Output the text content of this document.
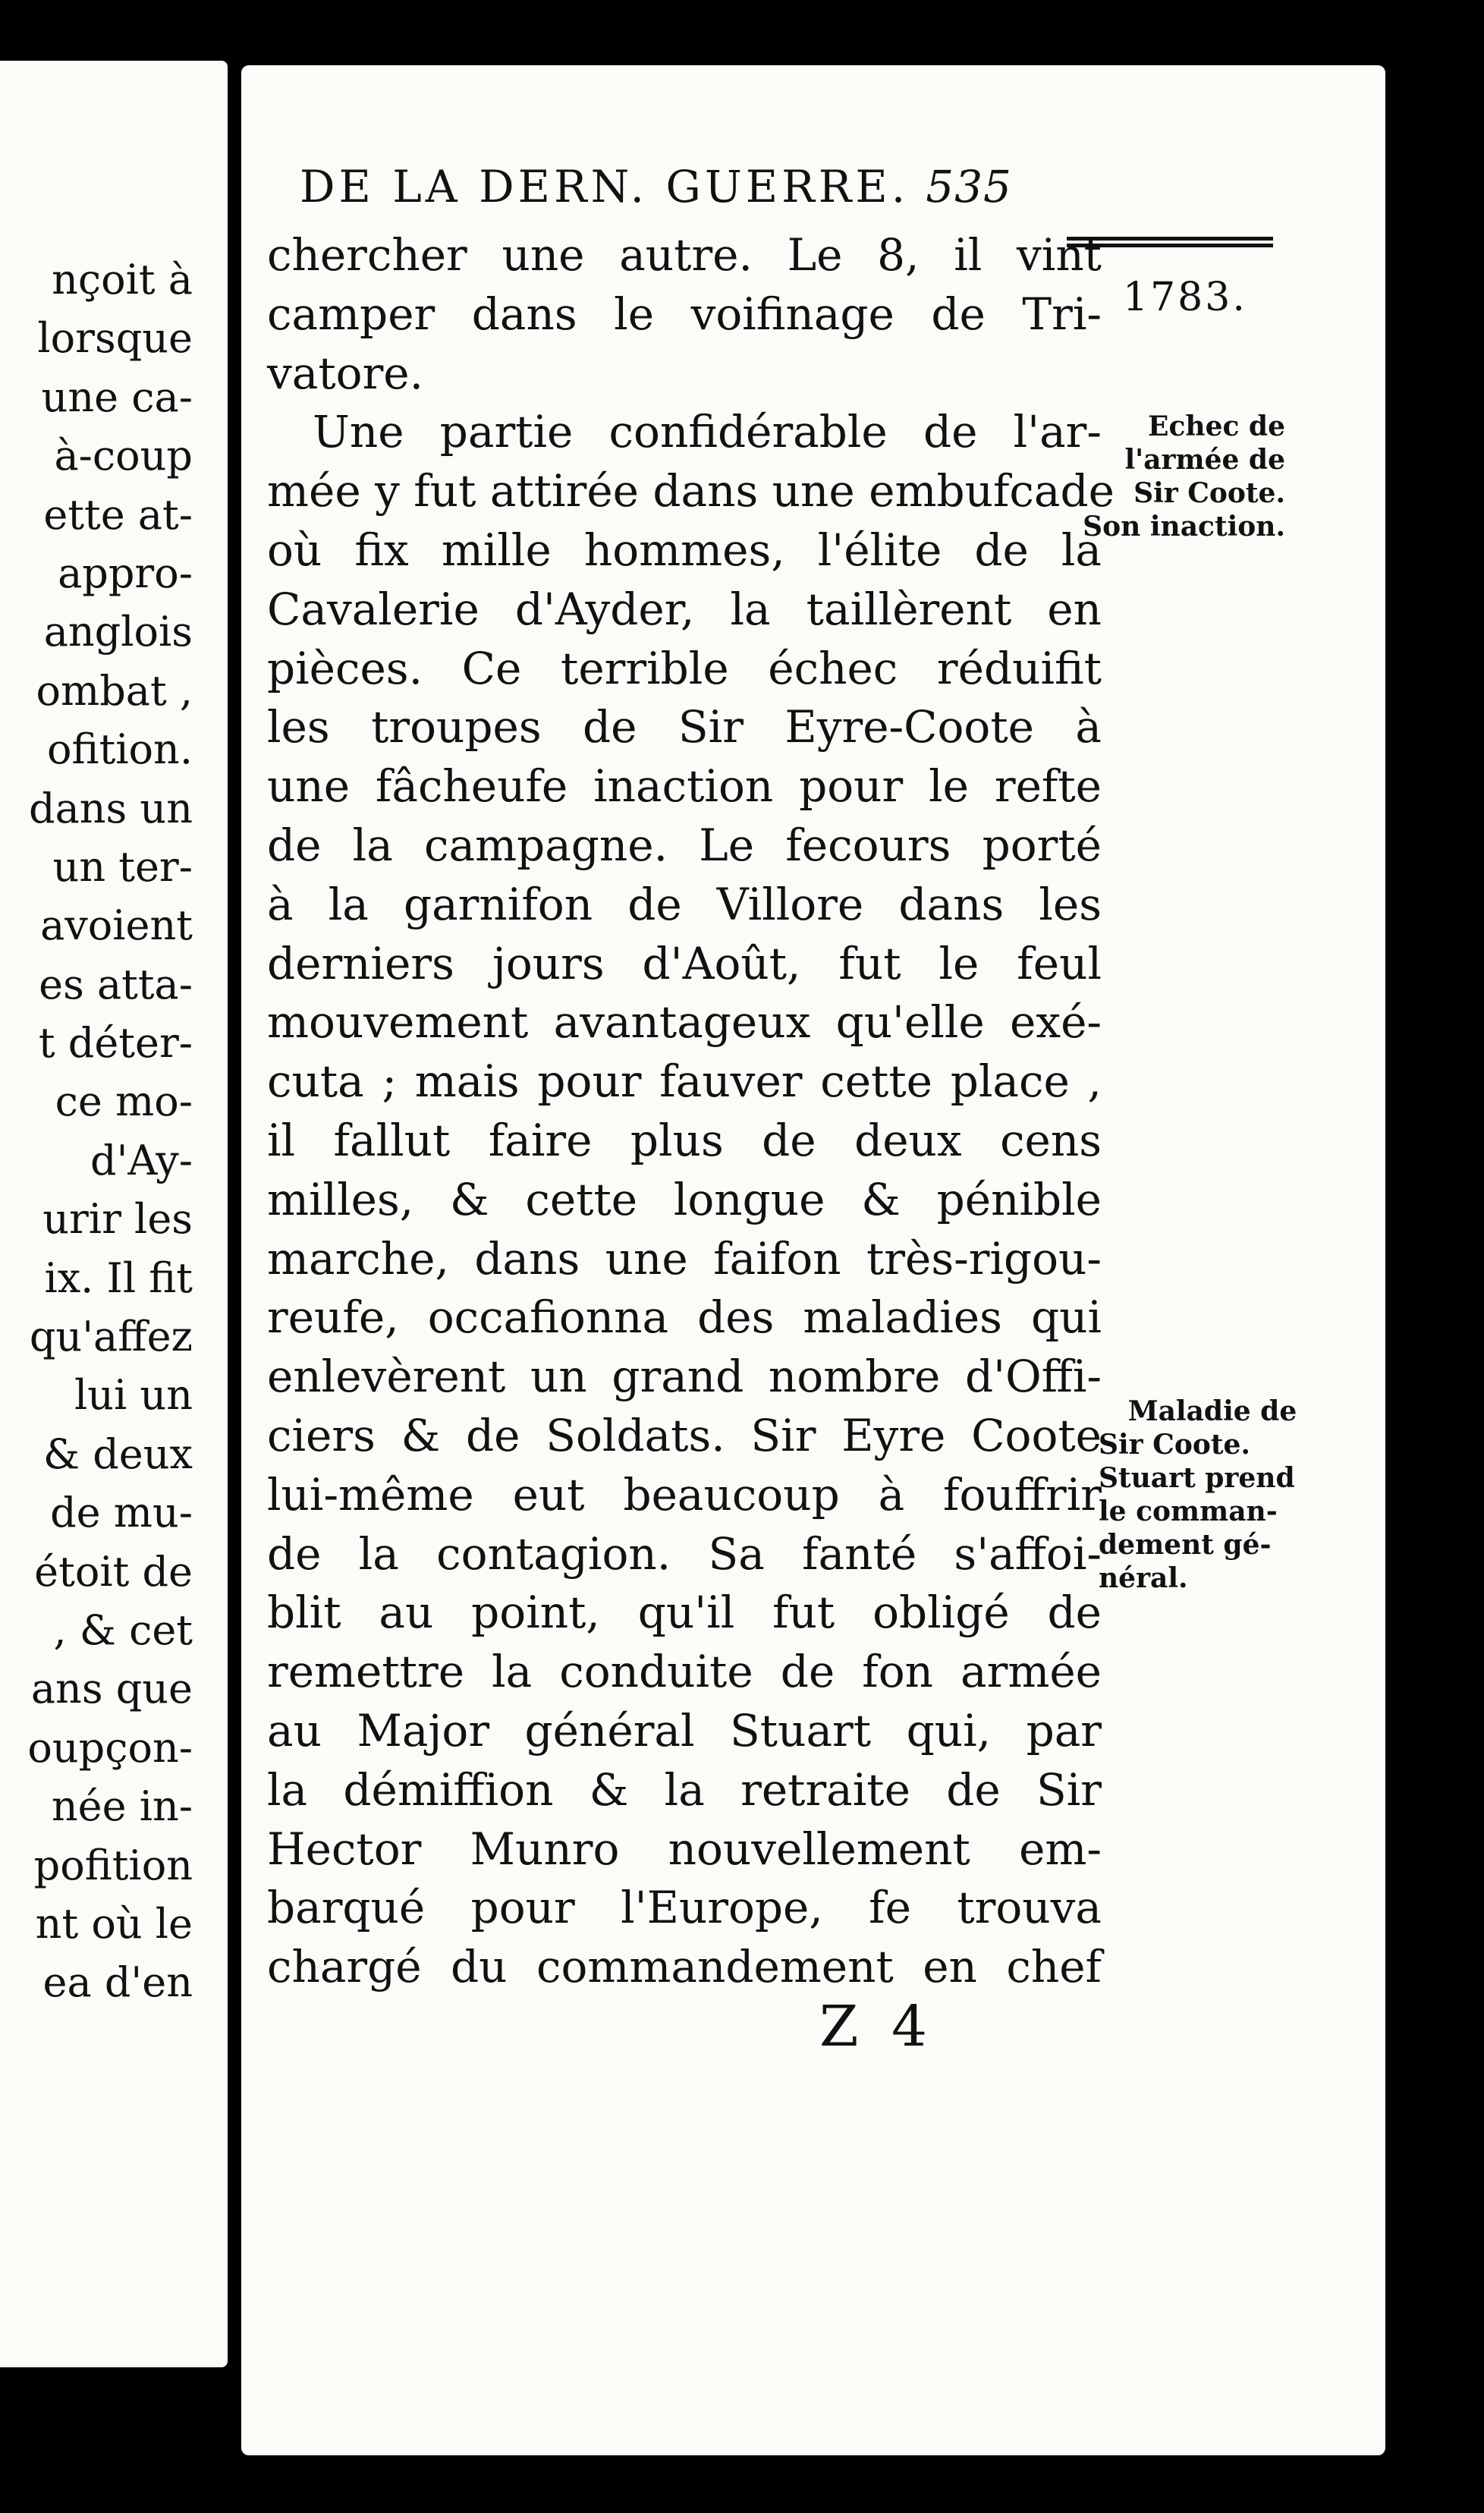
nçoit à
lorsque
une ca-
à-coup
ette at-
appro-
anglois
ombat ,
ofition.
dans un
un ter-
avoient
es atta-
t déter-
ce mo-
d'Ay-
urir les
ix. Il fit
qu'affez
lui un
& deux
de mu-
étoit de
, & cet
ans que
oupçon-
née in-
pofition
nt où le
ea d'en
DE LA DERN. GUERRE. 535
1783.
chercher une autre. Le 8, il vint
camper dans le voifinage de Tri-
vatore.
Une partie confidérable de l'ar-
mée y fut attirée dans une embufcade
où fix mille hommes, l'élite de la
Cavalerie d'Ayder, la taillèrent en
pièces. Ce terrible échec réduifit
les troupes de Sir Eyre-Coote à
une fâcheufe inaction pour le refte
de la campagne. Le fecours porté
à la garnifon de Villore dans les
derniers jours d'Août, fut le feul
mouvement avantageux qu'elle exé-
cuta ; mais pour fauver cette place ,
il fallut faire plus de deux cens
milles, & cette longue & pénible
marche, dans une faifon très-rigou-
reufe, occafionna des maladies qui
enlevèrent un grand nombre d'Offi-
ciers & de Soldats. Sir Eyre Coote
lui-même eut beaucoup à fouffrir
de la contagion. Sa fanté s'affoi-
blit au point, qu'il fut obligé de
remettre la conduite de fon armée
au Major général Stuart qui, par
la démiffion & la retraite de Sir
Hector Munro nouvellement em-
barqué pour l'Europe, fe trouva
chargé du commandement en chef
Echec de
l'armée de
Sir Coote.
Son inaction.
Maladie de
Sir Coote.
Stuart prend
le comman-
dement gé-
néral.
Z 4
